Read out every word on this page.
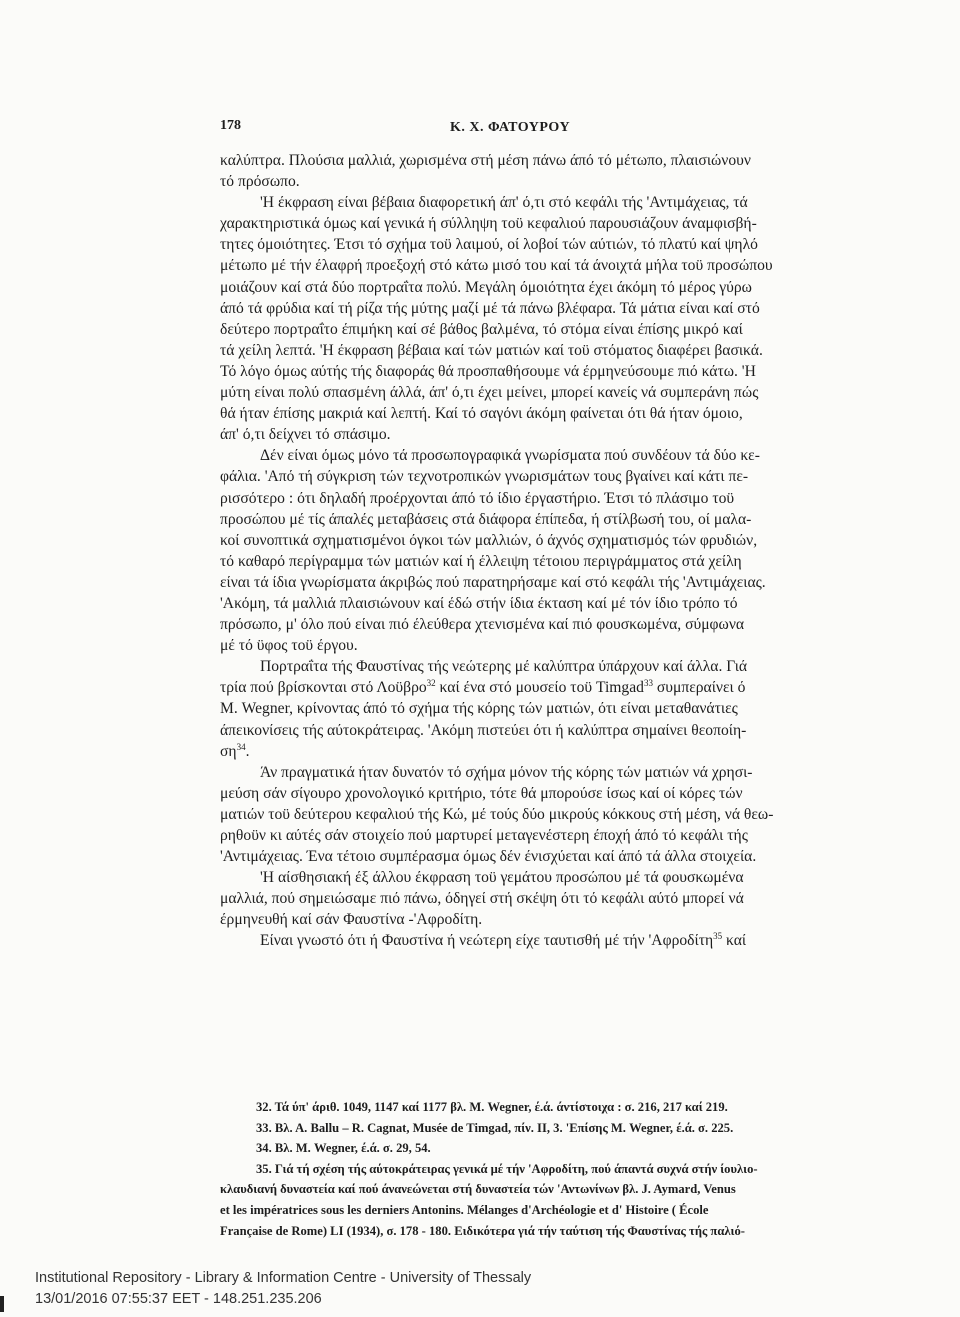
178	Κ. Χ. ΦΑΤΟΥΡΟΥ
καλύπτρα. Πλούσια μαλλιά, χωρισμένα στή μέση πάνω άπό τό μέτωπο, πλαισιώνουν
τό πρόσωπο.
'Η έκφραση είναι βέβαια διαφορετική άπ' ό,τι στό κεφάλι τής 'Αντιμάχειας, τά
χαρακτηριστικά όμως καί γενικά ή σύλληψη τοϋ κεφαλιού παρουσιάζουν άναμφισβή-
τητες όμοιότητες. Έτσι τό σχήμα τοϋ λαιμού, οί λοβοί τών αύτιών, τό πλατύ καί ψηλό
μέτωπο μέ τήν έλαφρή προεξοχή στό κάτω μισό του καί τά άνοιχτά μήλα τοϋ προσώπου
μοιάζουν καί στά δύο πορτραΐτα πολύ. Μεγάλη όμοιότητα έχει άκόμη τό μέρος γύρω
άπό τά φρύδια καί τή ρίζα τής μύτης μαζί μέ τά πάνω βλέφαρα. Τά μάτια είναι καί στό
δεύτερο πορτραΐτο έπιμήκη καί σέ βάθος βαλμένα, τό στόμα είναι έπίσης μικρό καί
τά χείλη λεπτά. 'Η έκφραση βέβαια καί τών ματιών καί τοϋ στόματος διαφέρει βασικά.
Τό λόγο όμως αύτής τής διαφοράς θά προσπαθήσουμε νά έρμηνεύσουμε πιό κάτω. 'Η
μύτη είναι πολύ σπασμένη άλλά, άπ' ό,τι έχει μείνει, μπορεί κανείς νά συμπεράνη πώς
θά ήταν έπίσης μακριά καί λεπτή. Καί τό σαγόνι άκόμη φαίνεται ότι θά ήταν όμοιο,
άπ' ό,τι δείχνει τό σπάσιμο.
Δέν είναι όμως μόνο τά προσωπογραφικά γνωρίσματα πού συνδέουν τά δύο κε-
φάλια. 'Από τή σύγκριση τών τεχνοτροπικών γνωρισμάτων τους βγαίνει καί κάτι πε-
ρισσότερο : ότι δηλαδή προέρχονται άπό τό ίδιο έργαστήριο. Έτσι τό πλάσιμο τοϋ
προσώπου μέ τίς άπαλές μεταβάσεις στά διάφορα έπίπεδα, ή στίλβωσή του, οί μαλα-
κοί συνοπτικά σχηματισμένοι όγκοι τών μαλλιών, ό άχνός σχηματισμός τών φρυδιών,
τό καθαρό περίγραμμα τών ματιών καί ή έλλειψη τέτοιου περιγράμματος στά χείλη
είναι τά ίδια γνωρίσματα άκριβώς πού παρατηρήσαμε καί στό κεφάλι τής 'Αντιμάχειας.
'Ακόμη, τά μαλλιά πλαισιώνουν καί έδώ στήν ίδια έκταση καί μέ τόν ίδιο τρόπο τό
πρόσωπο, μ' όλο πού είναι πιό έλεύθερα χτενισμένα καί πιό φουσκωμένα, σύμφωνα
μέ τό ϋφος τοϋ έργου.
Πορτραΐτα τής Φαυστίνας τής νεώτερης μέ καλύπτρα ύπάρχουν καί άλλα. Γιά
τρία πού βρίσκονται στό Λοϋβρο$^{32}$ καί ένα στό μουσείο τοϋ Timgad$^{33}$ συμπεραίνει ό
Μ. Wegner, κρίνοντας άπό τό σχήμα τής κόρης τών ματιών, ότι είναι μεταθανάτιες
άπεικονίσεις τής αύτοκράτειρας. 'Ακόμη πιστεύει ότι ή καλύπτρα σημαίνει θεοποίη-
$\sigma\eta^{34}$.
Άν πραγματικά ήταν δυνατόν τό σχήμα μόνον τής κόρης τών ματιών νά χρησι-
μεύση σάν σίγουρο χρονολογικό κριτήριο, τότε θά μπορούσε ίσως καί οί κόρες τών
ματιών τοϋ δεύτερου κεφαλιού τής Κώ, μέ τούς δύο μικρούς κόκκους στή μέση, νά θεω-
ρηθοϋν κι αύτές σάν στοιχείο πού μαρτυρεί μεταγενέστερη έποχή άπό τό κεφάλι τής
'Αντιμάχειας. Ένα τέτοιο συμπέρασμα όμως δέν ένισχύεται καί άπό τά άλλα στοιχεία.
'Η αίσθησιακή έξ άλλου έκφραση τοϋ γεμάτου προσώπου μέ τά φουσκωμένα
μαλλιά, πού σημειώσαμε πιό πάνω, όδηγεί στή σκέψη ότι τό κεφάλι αύτό μπορεί νά
έρμηνευθή καί σάν Φαυστίνα -'Αφροδίτη.
Είναι γνωστό ότι ή Φαυστίνα ή νεώτερη είχε ταυτισθή μέ τήν 'Αφροδίτη$^{35}$ καί
32. Τά ύπ' άριθ. 1049, 1147 καί 1177 βλ. Μ. Wegner, έ.ά. άντίστοιχα : σ. 216, 217 καί 219.
33. Βλ. Α. Ballu – R. Cagnat, Musée de Timgad, πίν. II, 3. 'Επίσης Μ. Wegner, έ.ά. σ. 225.
34. Βλ. Μ. Wegner, έ.ά. σ. 29, 54.
35. Γιά τή σχέση τής αύτοκράτειρας γενικά μέ τήν 'Αφροδίτη, πού άπαντά συχνά στήν ίουλιο-
κλαυδιανή δυναστεία καί πού άνανεώνεται στή δυναστεία τών 'Αντωνίνων βλ. J. Aymard, Venus
et les impératrices sous les derniers Antonins. Mélanges d'Archéologie et d' Histoire ( École
Française de Rome) LI (1934), σ. 178 - 180. Ειδικότερα γιά τήν ταύτιση τής Φαυστίνας τής παλιό-
Institutional Repository - Library & Information Centre - University of Thessaly
13/01/2016 07:55:37 EET - 148.251.235.206
